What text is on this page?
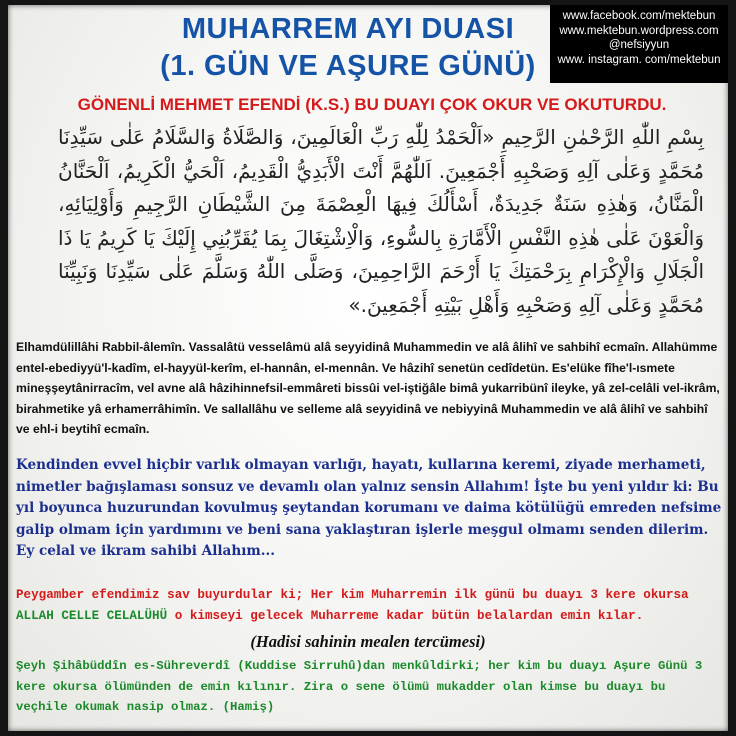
MUHARREM AYI DUASI
(1. GÜN VE AŞURE GÜNÜ)
www.facebook.com/mektebun
www.mektebun.wordpress.com
@nefsiyyun
www. instagram. com/mektebun
GÖNENLİ MEHMET EFENDİ (K.S.) BU DUAYI ÇOK OKUR VE OKUTURDU.
بِسْمِ اللّٰهِ الرَّحْمٰنِ الرَّحِيمِ «اَلْحَمْدُ لِلّٰهِ رَبِّ الْعَالَمِينَ، وَالصَّلَاةُ وَالسَّلَامُ عَلٰى سَيِّدِنَا مُحَمَّدٍ وَعَلٰى آلِهِ وَصَحْبِهِ أَجْمَعِينَ. اَللّٰهُمَّ أَنْتَ الْأَبَدِيُّ الْقَدِيمُ، اَلْحَيُّ الْكَرِيمُ، اَلْحَنَّانُ الْمَنَّانُ، وَهٰذِهِ سَنَةٌ جَدِيدَةٌ، أَسْأَلُكَ فِيهَا الْعِصْمَةَ مِنَ الشَّيْطَانِ الرَّجِيمِ وَأَوْلِيَائِهِ، وَالْعَوْنَ عَلٰى هٰذِهِ النَّفْسِ الْأَمَّارَةِ بِالسُّوءِ، وَالْاِشْتِغَالَ بِمَا يُقَرِّبُنِي إِلَيْكَ يَا كَرِيمُ يَا ذَا الْجَلَالِ وَالْإِكْرَامِ بِرَحْمَتِكَ يَا أَرْحَمَ الرَّاحِمِينَ، وَصَلَّى اللّٰهُ وَسَلَّمَ عَلٰى سَيِّدِنَا وَنَبِيِّنَا مُحَمَّدٍ وَعَلٰى آلِهِ وَصَحْبِهِ وَأَهْلِ بَيْتِهِ أَجْمَعِينَ.»
Elhamdülillâhi Rabbil-âlemîn. Vassalâtü vesselâmü alâ seyyidinâ Muhammedin ve alâ âlihî ve sahbihî ecmaîn. Allahümme entel-ebediyyü'l-kadîm, el-hayyül-kerîm, el-hannân, el-mennân. Ve hâzihî senetün cedîdetün. Es'elüke fîhe'l-ısmete mineşşeytânirracîm, vel avne alâ hâzihinnefsil-emmâreti bissûi vel-iştiğâle bimâ yukarribünî ileyke, yâ zel-celâli vel-ikrâm, birahmetike yâ erhamerrâhimîn. Ve sallallâhu ve selleme alâ seyyidinâ ve nebiyyinâ Muhammedin ve alâ âlihî ve sahbihî ve ehl-i beytihî ecmaîn.
Kendinden evvel hiçbir varlık olmayan varlığı, hayatı, kullarına keremi, ziyade merhameti, nimetler bağışlaması sonsuz ve devamlı olan yalnız sensin Allahım! İşte bu yeni yıldır ki: Bu yıl boyunca huzurundan kovulmuş şeytandan korumanı ve daima kötülüğü emreden nefsime galip olmam için yardımını ve beni sana yaklaştıran işlerle meşgul olmamı senden dilerim. Ey celal ve ikram sahibi Allahım...
Peygamber efendimiz sav buyurdular ki; Her kim Muharremin ilk günü bu duayı 3 kere okursa ALLAH CELLE CELALÜHÜ o kimseyi gelecek Muharreme kadar bütün belalardan emin kılar.
(Hadisi sahinin mealen tercümesi)
Şeyh Şihâbüddîn es-Sühreverdî (Kuddise Sirruhû)dan menkûldirki; her kim bu duayı Aşure Günü 3 kere okursa ölümünden de emin kılınır. Zira o sene ölümü mukadder olan kimse bu duayı bu veçhile okumak nasip olmaz. (Hamiş)
